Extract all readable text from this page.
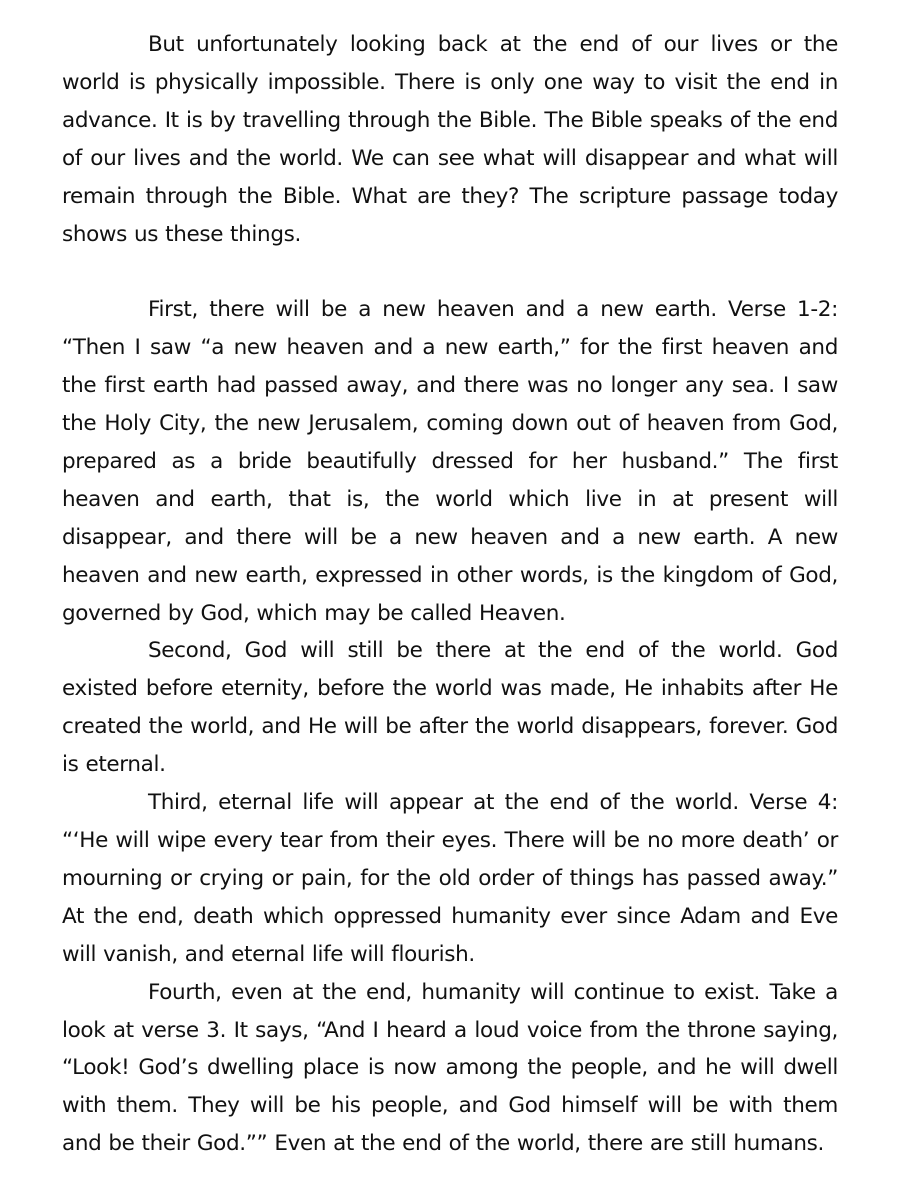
But unfortunately looking back at the end of our lives or the world is physically impossible. There is only one way to visit the end in advance. It is by travelling through the Bible. The Bible speaks of the end of our lives and the world. We can see what will disappear and what will remain through the Bible. What are they? The scripture passage today shows us these things.

First, there will be a new heaven and a new earth. Verse 1-2: “Then I saw “a new heaven and a new earth,” for the first heaven and the first earth had passed away, and there was no longer any sea. I saw the Holy City, the new Jerusalem, coming down out of heaven from God, prepared as a bride beautifully dressed for her husband.” The first heaven and earth, that is, the world which live in at present will disappear, and there will be a new heaven and a new earth. A new heaven and new earth, expressed in other words, is the kingdom of God, governed by God, which may be called Heaven.

Second, God will still be there at the end of the world. God existed before eternity, before the world was made, He inhabits after He created the world, and He will be after the world disappears, forever. God is eternal.

Third, eternal life will appear at the end of the world. Verse 4: “‘He will wipe every tear from their eyes. There will be no more death’ or mourning or crying or pain, for the old order of things has passed away.” At the end, death which oppressed humanity ever since Adam and Eve will vanish, and eternal life will flourish.

Fourth, even at the end, humanity will continue to exist. Take a look at verse 3. It says, “And I heard a loud voice from the throne saying, “Look! God’s dwelling place is now among the people, and he will dwell with them. They will be his people, and God himself will be with them and be their God.”” Even at the end of the world, there are still humans.
